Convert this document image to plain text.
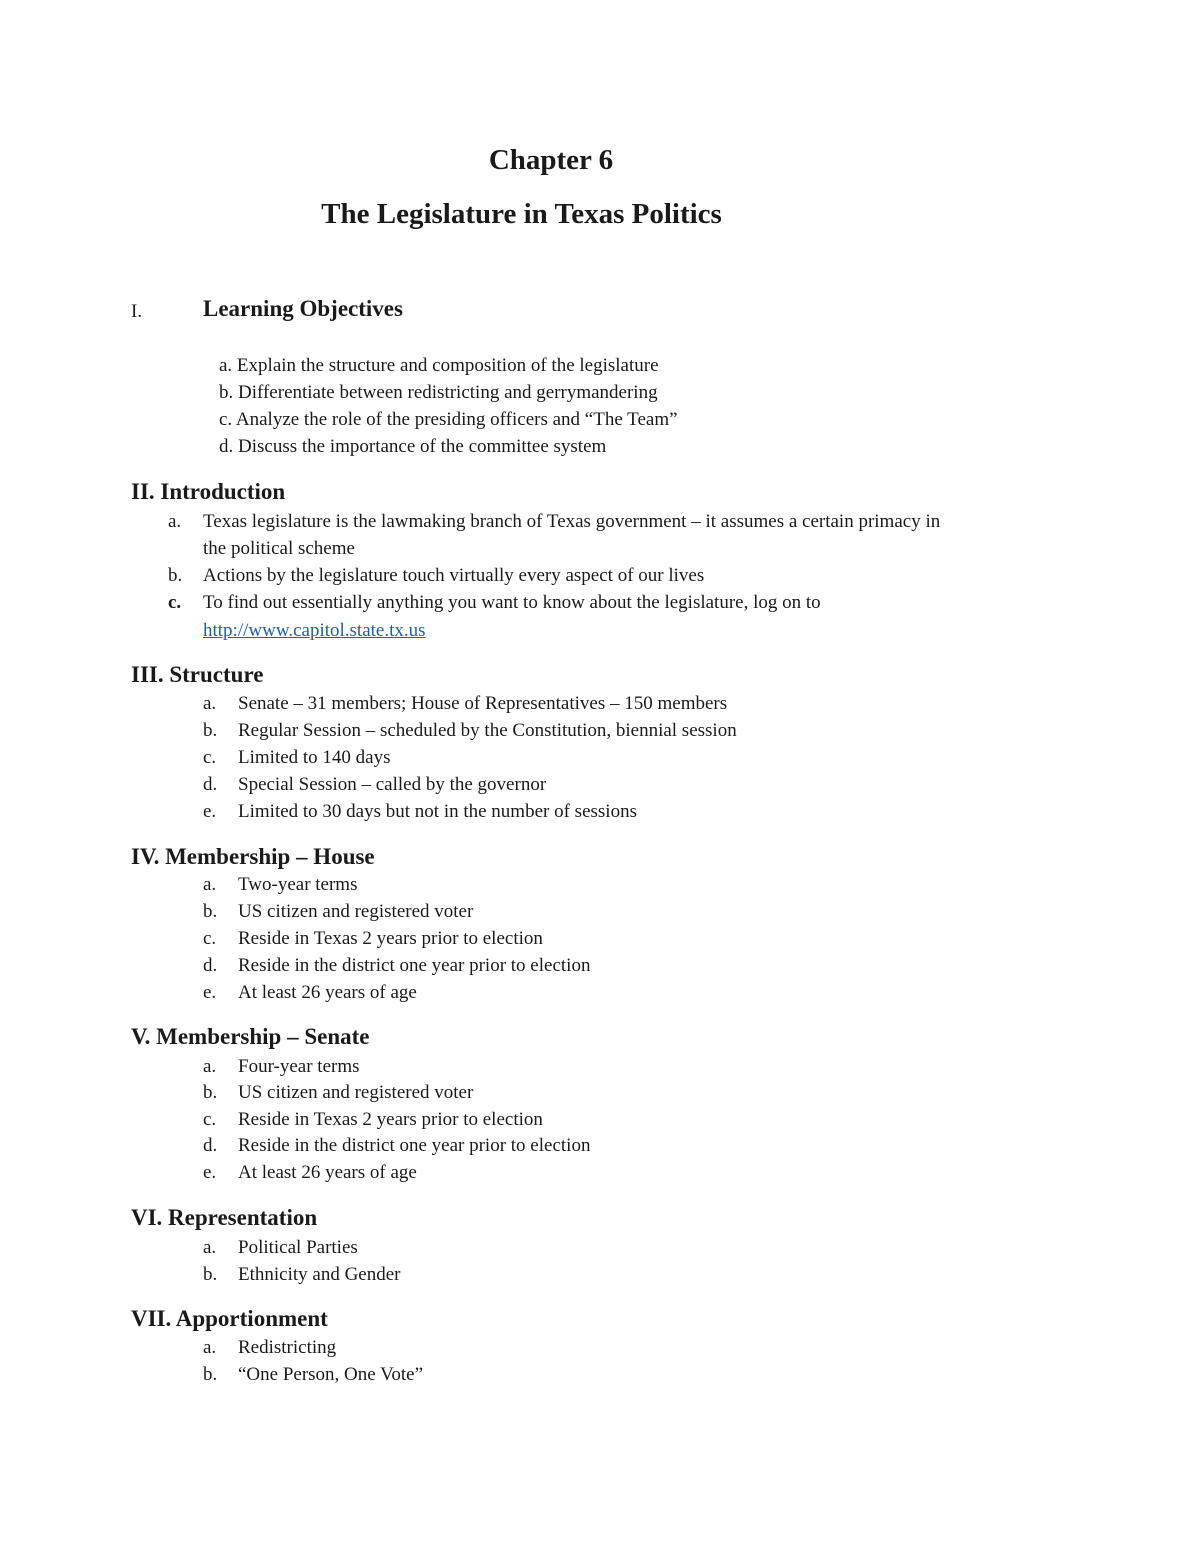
Chapter 6
The Legislature in Texas Politics
I.	Learning Objectives
a. Explain the structure and composition of the legislature
b. Differentiate between redistricting and gerrymandering
c. Analyze the role of the presiding officers and “The Team”
d. Discuss the importance of the committee system
II. Introduction
a. Texas legislature is the lawmaking branch of Texas government – it assumes a certain primacy in
the political scheme
b. Actions by the legislature touch virtually every aspect of our lives
c. To find out essentially anything you want to know about the legislature, log on to
http://www.capitol.state.tx.us
III. Structure
a. Senate – 31 members; House of Representatives – 150 members
b. Regular Session – scheduled by the Constitution, biennial session
c. Limited to 140 days
d. Special Session – called by the governor
e. Limited to 30 days but not in the number of sessions
IV. Membership – House
a. Two-year terms
b. US citizen and registered voter
c. Reside in Texas 2 years prior to election
d. Reside in the district one year prior to election
e. At least 26 years of age
V. Membership – Senate
a. Four-year terms
b. US citizen and registered voter
c. Reside in Texas 2 years prior to election
d. Reside in the district one year prior to election
e. At least 26 years of age
VI. Representation
a. Political Parties
b. Ethnicity and Gender
VII. Apportionment
a. Redistricting
b. “One Person, One Vote”
